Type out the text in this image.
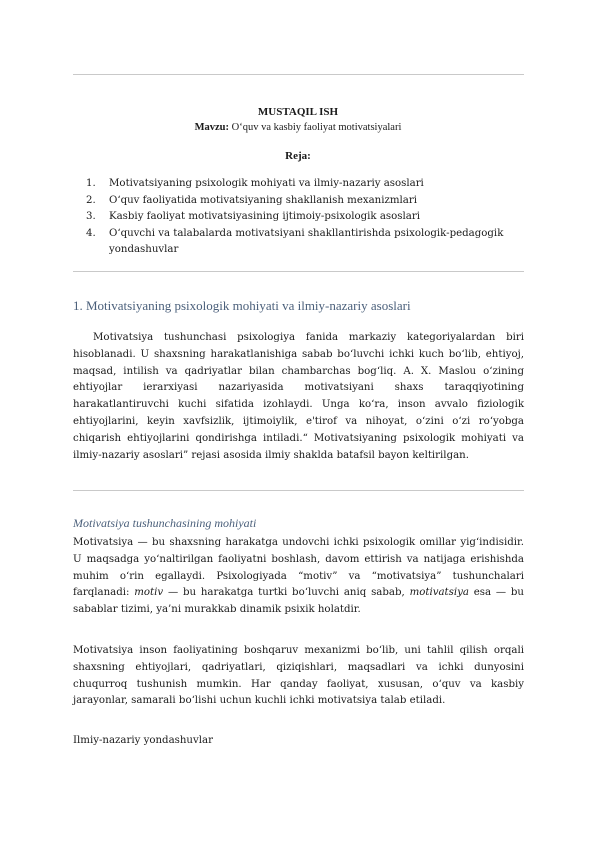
MUSTAQIL ISH
Mavzu: O‘quv va kasbiy faoliyat motivatsiyalari
Reja:
1. Motivatsiyaning psixologik mohiyati va ilmiy-nazariy asoslari
2. O‘quv faoliyatida motivatsiyaning shakllanish mexanizmlari
3. Kasbiy faoliyat motivatsiyasining ijtimoiy-psixologik asoslari
4. O‘quvchi va talabalarda motivatsiyani shakllantirishda psixologik-pedagogik yondashuvlar
1. Motivatsiyaning psixologik mohiyati va ilmiy-nazariy asoslari

Motivatsiya tushunchasi psixologiya fanida markaziy kategoriyalardan biri hisoblanadi. U shaxsning harakatlanishiga sabab bo‘luvchi ichki kuch bo‘lib, ehtiyoj, maqsad, intilish va qadriyatlar bilan chambarchas bog‘liq. A. X. Maslou o‘zining ehtiyojlar ierarxiyasi nazariyasida motivatsiyani shaxs taraqqiyotining harakatlantiruvchi kuchi sifatida izohlaydi. Unga ko‘ra, inson avvalo fiziologik ehtiyojlarini, keyin xavfsizlik, ijtimoiylik, e'tirof va nihoyat, o‘zini o‘zi ro‘yobga chiqarish ehtiyojlarini qondirishga intiladi.“ Motivatsiyaning psixologik mohiyati va ilmiy-nazariy asoslari” rejasi asosida ilmiy shaklda batafsil bayon keltirilgan.

Motivatsiya tushunchasining mohiyati

Motivatsiya — bu shaxsning harakatga undovchi ichki psixologik omillar yig‘indisidir. U maqsadga yo‘naltirilgan faoliyatni boshlash, davom ettirish va natijaga erishishda muhim o‘rin egallaydi. Psixologiyada “motiv” va “motivatsiya” tushunchalari farqlanadi: motiv — bu harakatga turtki bo‘luvchi aniq sabab, motivatsiya esa — bu sabablar tizimi, ya’ni murakkab dinamik psixik holatdir.

Motivatsiya inson faoliyatining boshqaruv mexanizmi bo‘lib, uni tahlil qilish orqali shaxsning ehtiyojlari, qadriyatlari, qiziqishlari, maqsadlari va ichki dunyosini chuqurroq tushunish mumkin. Har qanday faoliyat, xususan, o‘quv va kasbiy jarayonlar, samarali bo‘lishi uchun kuchli ichki motivatsiya talab etiladi.

Ilmiy-nazariy yondashuvlar
